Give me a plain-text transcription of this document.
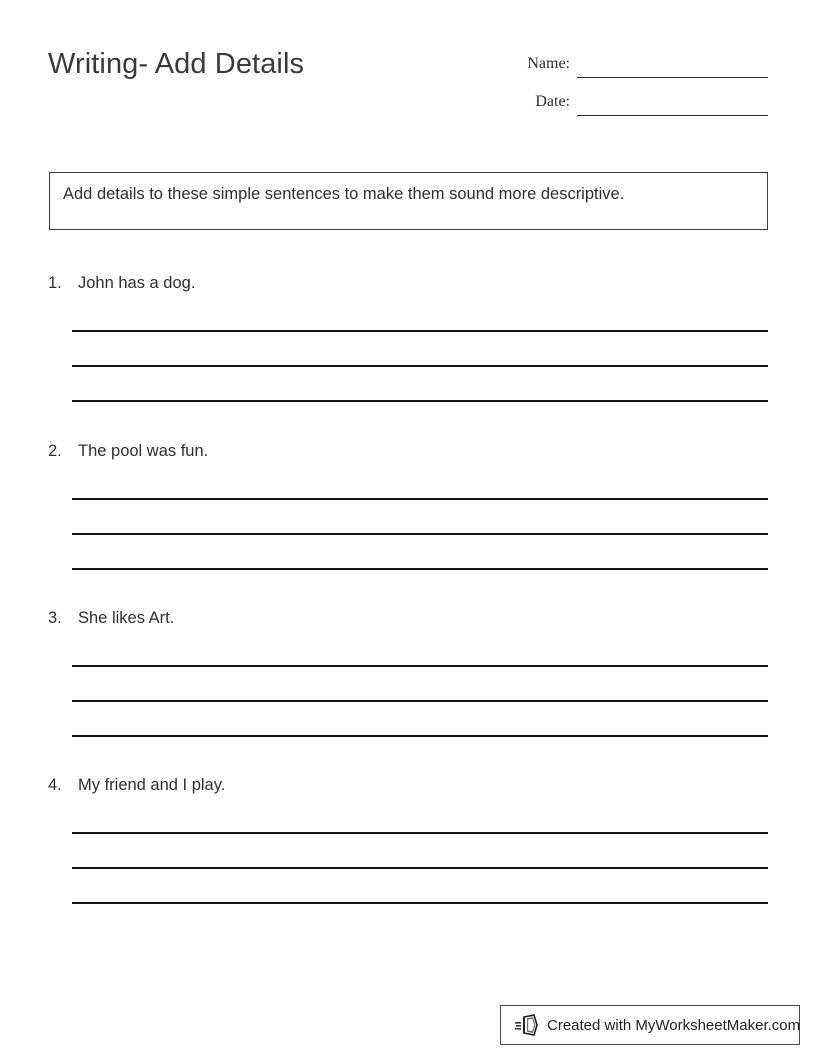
Writing- Add Details	Name:
Date:
Add details to these simple sentences to make them sound more descriptive.
1. John has a dog.
2. The pool was fun.
3. She likes Art.
4. My friend and I play.
Created with MyWorksheetMaker.com
